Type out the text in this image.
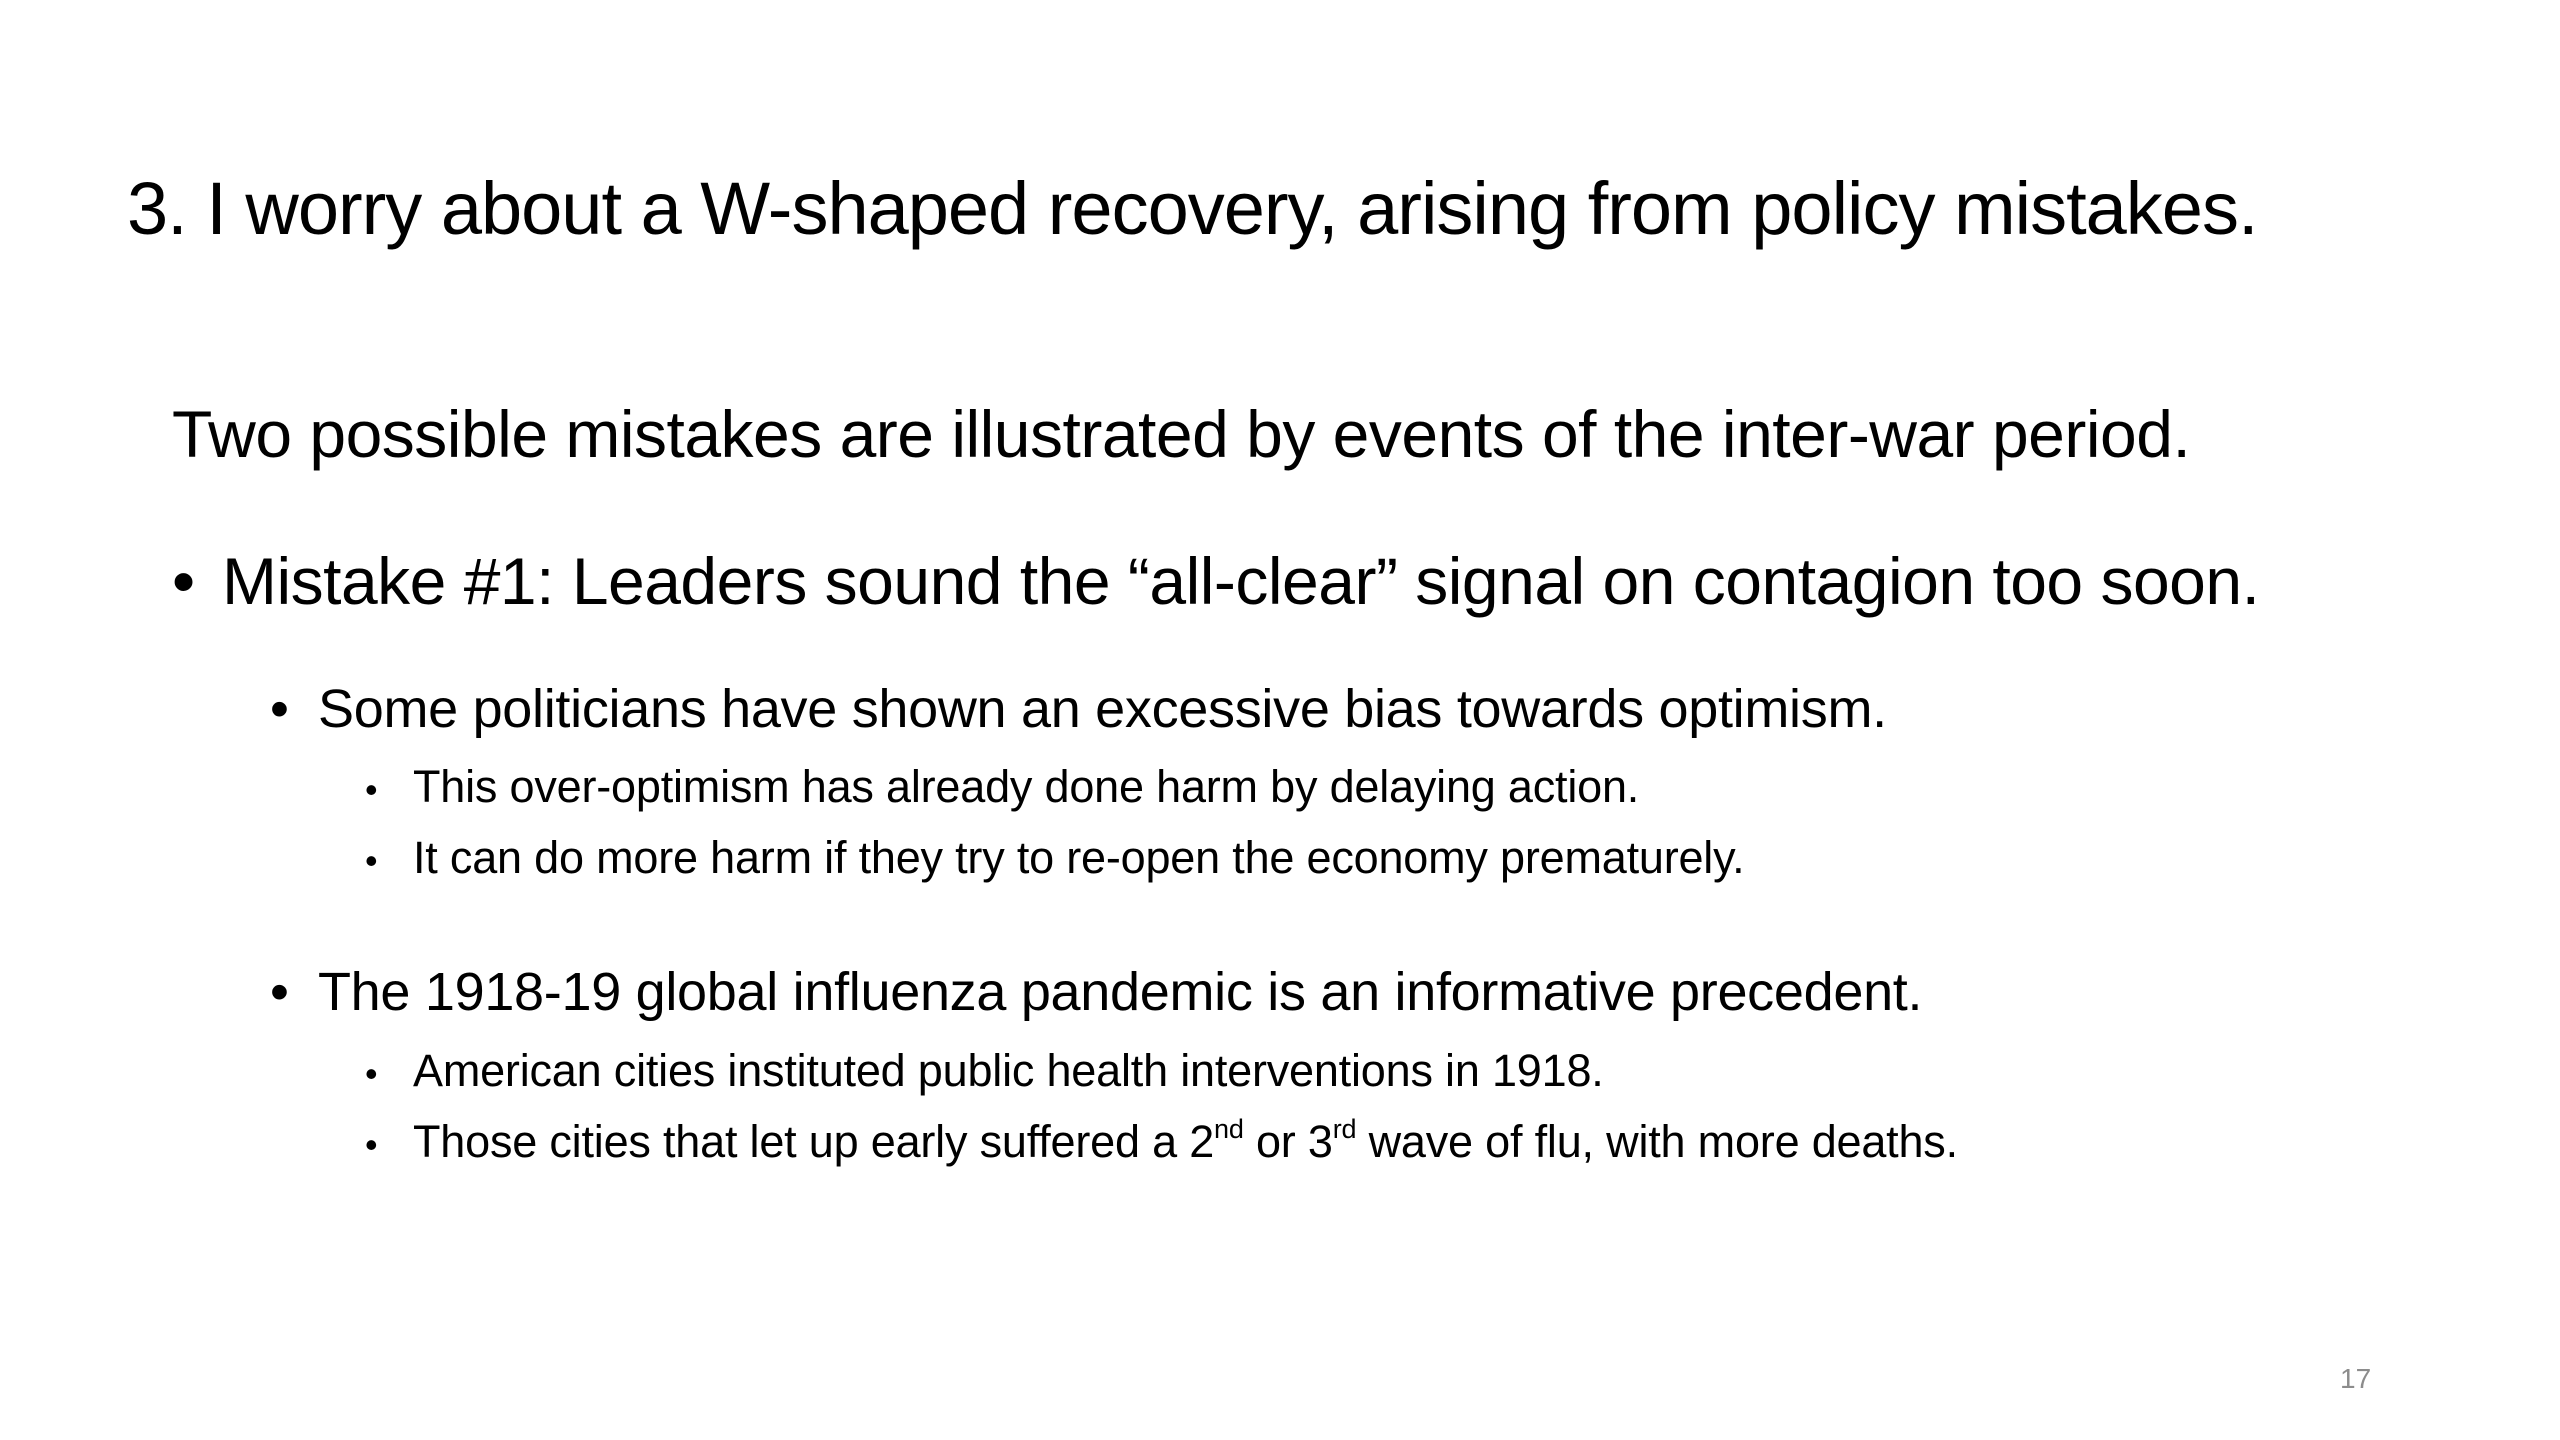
3. I worry about a W-shaped recovery, arising from policy mistakes.
Two possible mistakes are illustrated by events of the inter-war period.
• Mistake #1: Leaders sound the “all-clear” signal on contagion too soon.
• Some politicians have shown an excessive bias towards optimism.
• This over-optimism has already done harm by delaying action.
• It can do more harm if they try to re-open the economy prematurely.
• The 1918-19 global influenza pandemic is an informative precedent.
• American cities instituted public health interventions in 1918.
• Those cities that let up early suffered a 2nd or 3rd wave of flu, with more deaths.
17
